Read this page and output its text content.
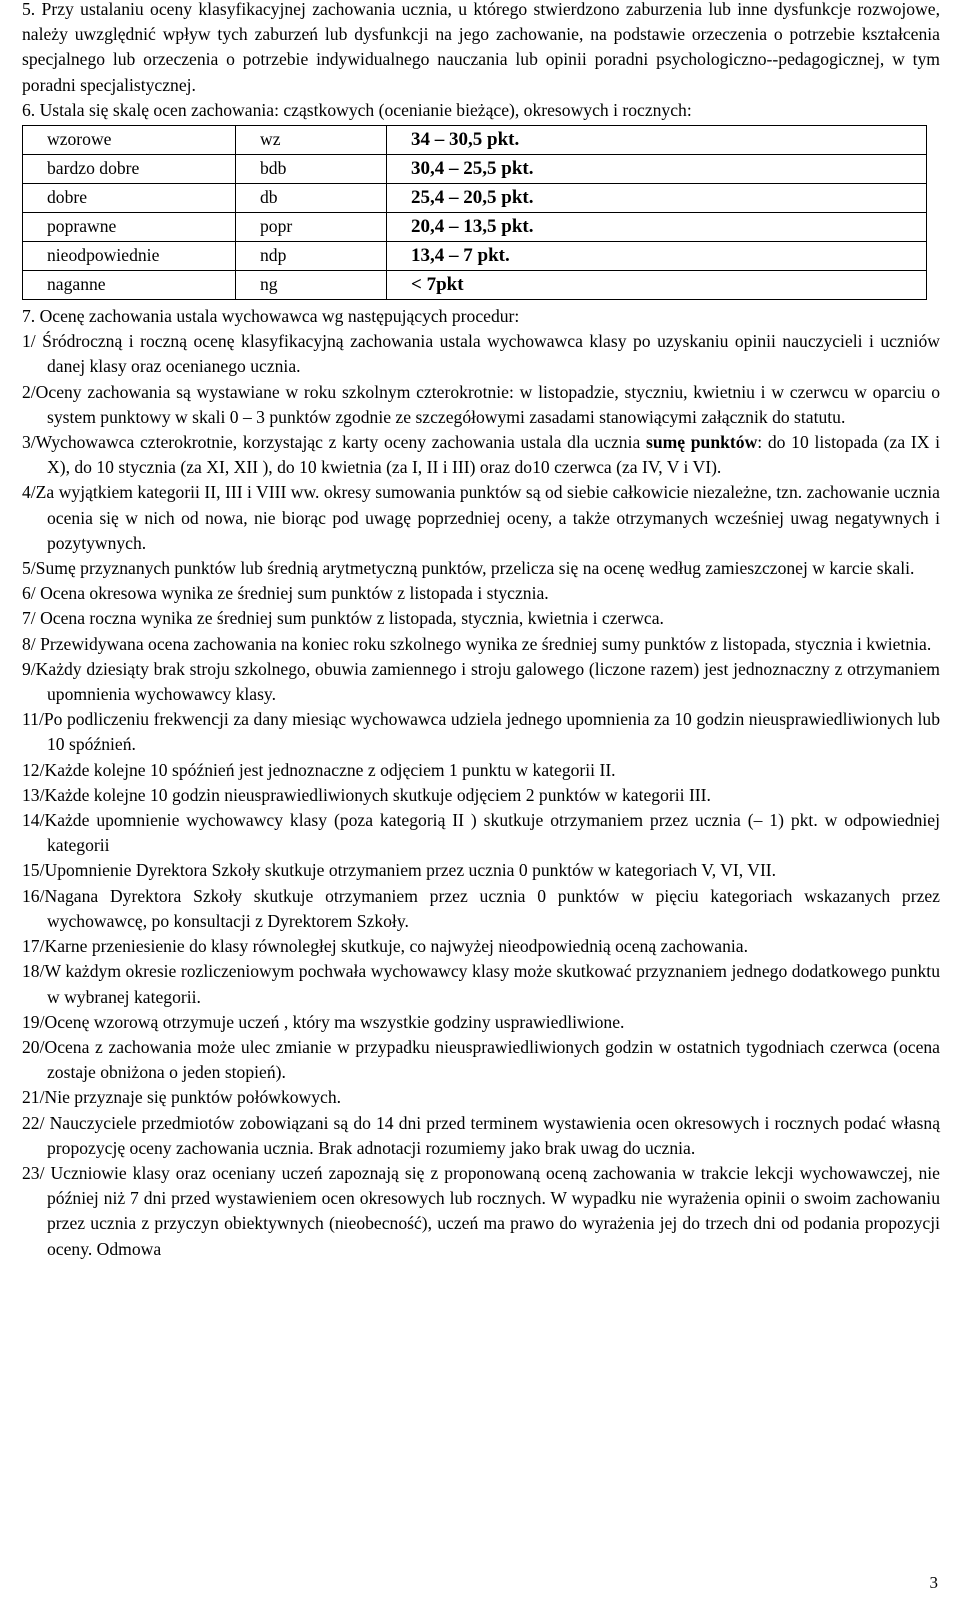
5. Przy ustalaniu oceny klasyfikacyjnej zachowania ucznia, u którego stwierdzono zaburzenia lub inne dysfunkcje rozwojowe, należy uwzględnić wpływ tych zaburzeń lub dysfunkcji na jego zachowanie, na podstawie orzeczenia o potrzebie kształcenia specjalnego lub orzeczenia o potrzebie indywidualnego nauczania lub opinii poradni psychologiczno--pedagogicznej, w tym poradni specjalistycznej.

6. Ustala się skalę ocen zachowania: cząstkowych (ocenianie bieżące), okresowych i rocznych:

wzorowe	wz	34 – 30,5 pkt.
bardzo dobre	bdb	30,4 – 25,5 pkt.
dobre	db	25,4 – 20,5 pkt.
poprawne	popr	20,4 – 13,5 pkt.
nieodpowiednie	ndp	13,4 – 7 pkt.
naganne	ng	< 7pkt

7. Ocenę zachowania ustala wychowawca wg następujących procedur:

1/ Śródroczną i roczną ocenę klasyfikacyjną zachowania ustala wychowawca klasy po uzyskaniu opinii nauczycieli i uczniów danej klasy oraz ocenianego ucznia.

2/Oceny zachowania są wystawiane w roku szkolnym czterokrotnie: w listopadzie, styczniu, kwietniu i w czerwcu w oparciu o system punktowy w skali 0 – 3 punktów zgodnie ze szczegółowymi zasadami stanowiącymi załącznik do statutu.

3/Wychowawca czterokrotnie, korzystając z karty oceny zachowania ustala dla ucznia sumę punktów: do 10 listopada (za IX i X), do 10 stycznia (za XI, XII ), do 10 kwietnia (za I, II i III) oraz do10 czerwca (za IV, V i VI).

4/Za wyjątkiem kategorii II, III i VIII ww. okresy sumowania punktów są od siebie całkowicie niezależne, tzn. zachowanie ucznia ocenia się w nich od nowa, nie biorąc pod uwagę poprzedniej oceny, a także otrzymanych wcześniej uwag negatywnych i pozytywnych.

5/Sumę przyznanych punktów lub średnią arytmetyczną punktów, przelicza się na ocenę według zamieszczonej w karcie skali.

6/ Ocena okresowa wynika ze średniej sum punktów z listopada i stycznia.

7/ Ocena roczna wynika ze średniej sum punktów z listopada, stycznia, kwietnia i czerwca.

8/ Przewidywana ocena zachowania na koniec roku szkolnego wynika ze średniej sumy punktów z listopada, stycznia i kwietnia.

9/Każdy dziesiąty brak stroju szkolnego, obuwia zamiennego i stroju galowego (liczone razem) jest jednoznaczny z otrzymaniem upomnienia wychowawcy klasy.

11/Po podliczeniu frekwencji za dany miesiąc wychowawca udziela jednego upomnienia za 10 godzin nieusprawiedliwionych lub 10 spóźnień.

12/Każde kolejne 10 spóźnień jest jednoznaczne z odjęciem 1 punktu w kategorii II.

13/Każde kolejne 10 godzin nieusprawiedliwionych skutkuje odjęciem 2 punktów w kategorii III.

14/Każde upomnienie wychowawcy klasy (poza kategorią II ) skutkuje otrzymaniem przez ucznia (– 1) pkt. w odpowiedniej kategorii

15/Upomnienie Dyrektora Szkoły skutkuje otrzymaniem przez ucznia 0 punktów w kategoriach V, VI, VII.

16/Nagana Dyrektora Szkoły skutkuje otrzymaniem przez ucznia 0 punktów w pięciu kategoriach wskazanych przez wychowawcę, po konsultacji z Dyrektorem Szkoły.

17/Karne przeniesienie do klasy równoległej skutkuje, co najwyżej nieodpowiednią oceną zachowania.

18/W każdym okresie rozliczeniowym pochwała wychowawcy klasy może skutkować przyznaniem jednego dodatkowego punktu w wybranej kategorii.

19/Ocenę wzorową otrzymuje uczeń , który ma wszystkie godziny usprawiedliwione.

20/Ocena z zachowania może ulec zmianie w przypadku nieusprawiedliwionych godzin w ostatnich tygodniach czerwca (ocena zostaje obniżona o jeden stopień).

21/Nie przyznaje się punktów połówkowych.

22/ Nauczyciele przedmiotów zobowiązani są do 14 dni przed terminem wystawienia ocen okresowych i rocznych podać własną propozycję oceny zachowania ucznia. Brak adnotacji rozumiemy jako brak uwag do ucznia.

23/ Uczniowie klasy oraz oceniany uczeń zapoznają się z proponowaną oceną zachowania w trakcie lekcji wychowawczej, nie później niż 7 dni przed wystawieniem ocen okresowych lub rocznych. W wypadku nie wyrażenia opinii o swoim zachowaniu przez ucznia z przyczyn obiektywnych (nieobecność), uczeń ma prawo do wyrażenia jej do trzech dni od podania propozycji oceny. Odmowa

3
